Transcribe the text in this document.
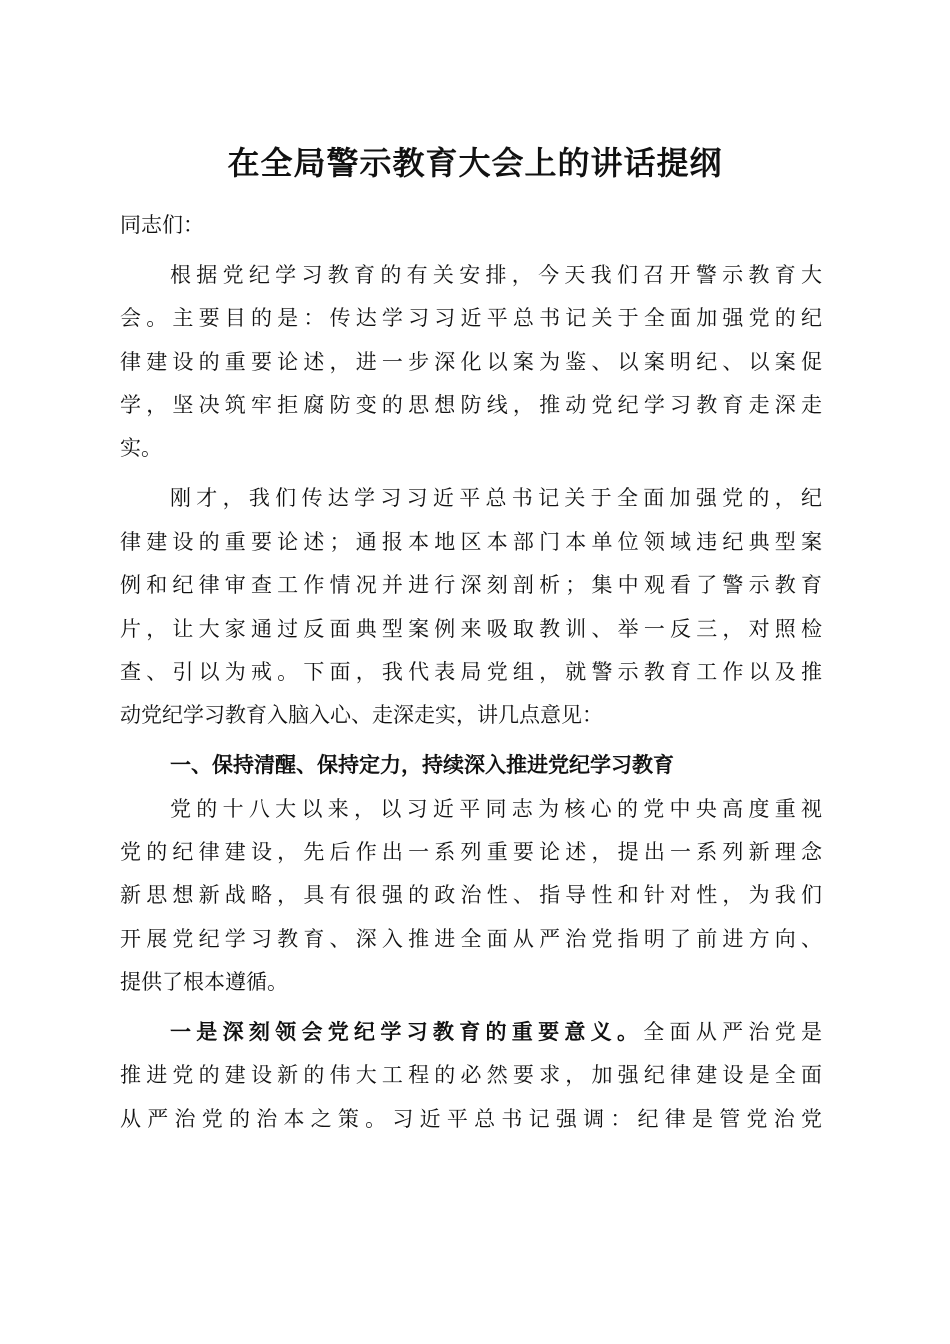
在全局警示教育大会上的讲话提纲
同志们：
根据党纪学习教育的有关安排，今天我们召开警示教育大
会。主要目的是：传达学习习近平总书记关于全面加强党的纪
律建设的重要论述，进一步深化以案为鉴、以案明纪、以案促
学，坚决筑牢拒腐防变的思想防线，推动党纪学习教育走深走
实。
刚才，我们传达学习习近平总书记关于全面加强党的，纪
律建设的重要论述；通报本地区本部门本单位领域违纪典型案
例和纪律审查工作情况并进行深刻剖析；集中观看了警示教育
片，让大家通过反面典型案例来吸取教训、举一反三，对照检
查、引以为戒。下面，我代表局党组，就警示教育工作以及推
动党纪学习教育入脑入心、走深走实，讲几点意见：
一、保持清醒、保持定力，持续深入推进党纪学习教育
党的十八大以来，以习近平同志为核心的党中央高度重视
党的纪律建设，先后作出一系列重要论述，提出一系列新理念
新思想新战略，具有很强的政治性、指导性和针对性，为我们
开展党纪学习教育、深入推进全面从严治党指明了前进方向、
提供了根本遵循。
一是深刻领会党纪学习教育的重要意义。全面从严治党是
推进党的建设新的伟大工程的必然要求，加强纪律建设是全面
从严治党的治本之策。习近平总书记强调：纪律是管党治党
